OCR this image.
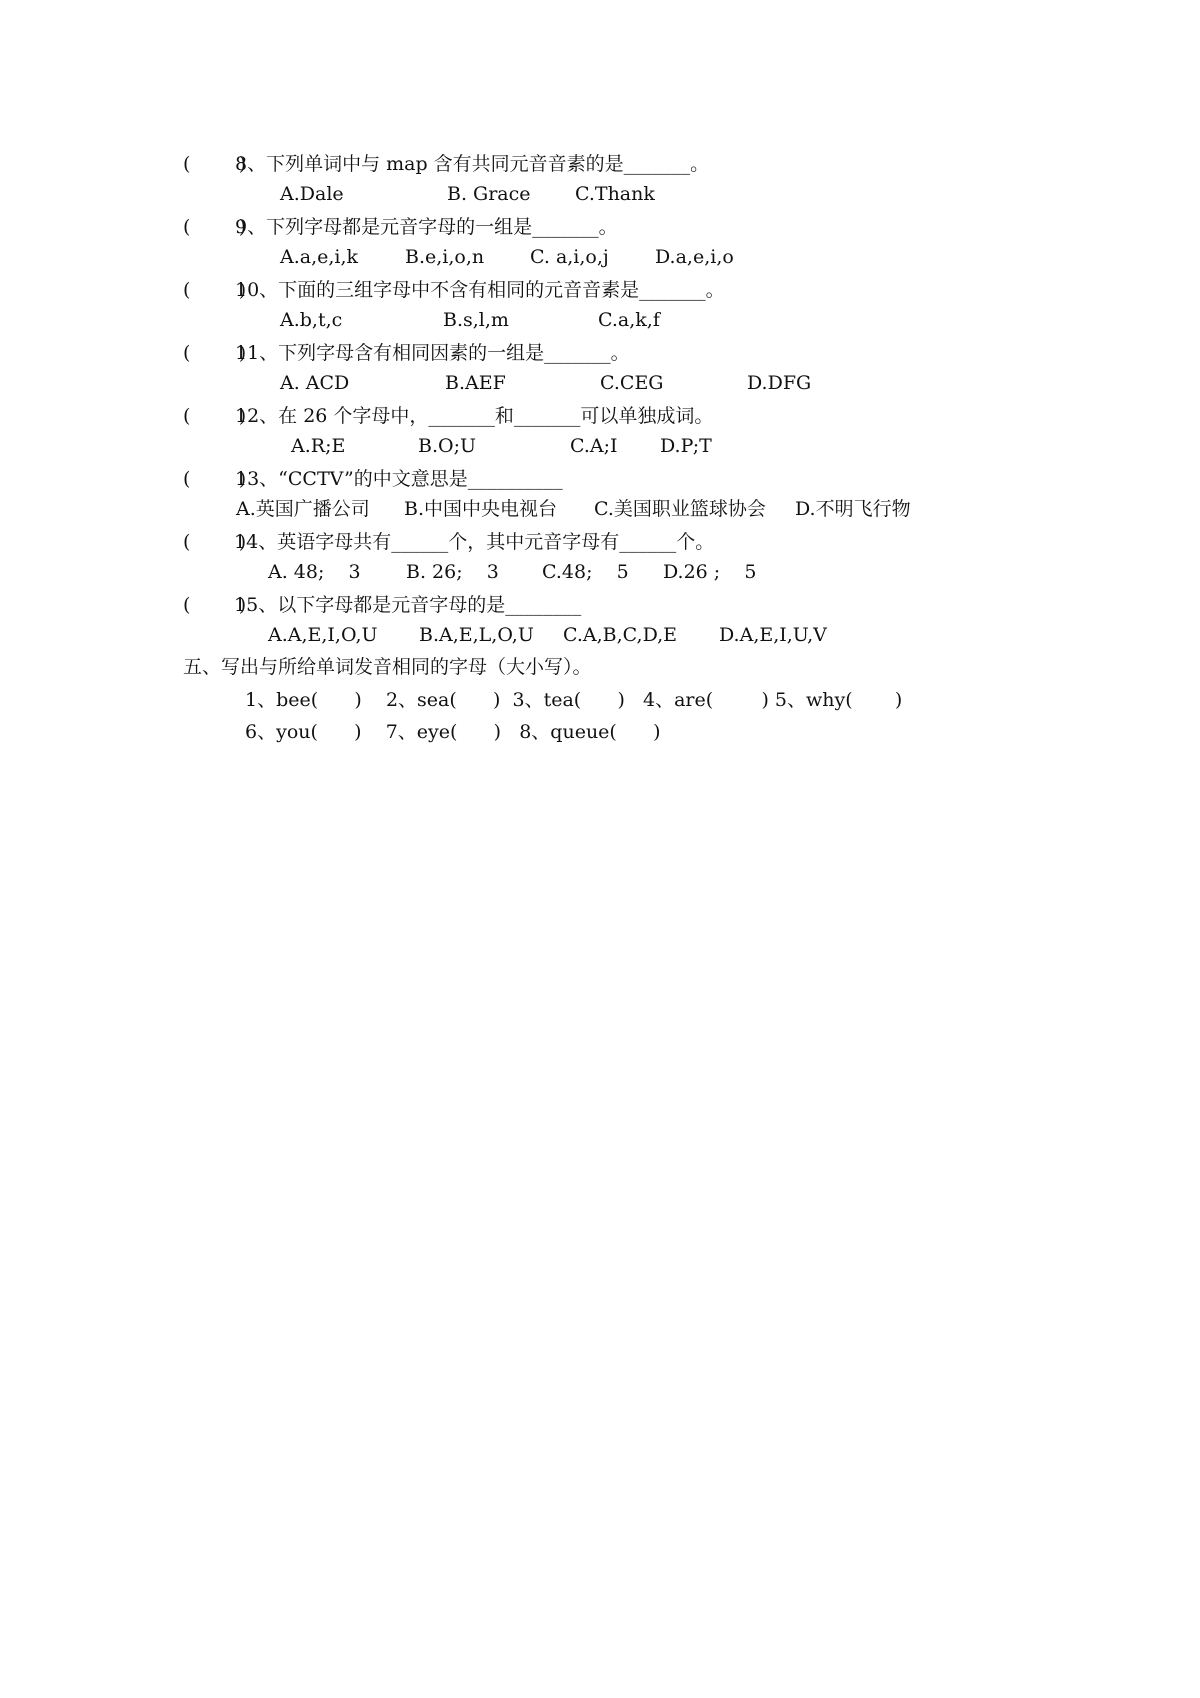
(        )
8、下列单词中与 map 含有共同元音音素的是_______。
A.Dale	B. Grace C.Thank
(        )
9、下列字母都是元音字母的一组是_______。
A.a,e,i,k B.e,i,o,n C. a,i,o,j D.a,e,i,o
(        )
10、下面的三组字母中不含有相同的元音音素是_______。
A.b,t,c	B.s,l,m	C.a,k,f
(        )
11、下列字母含有相同因素的一组是_______。
A. ACD	B.AEF	C.CEG	D.DFG
(        )
12、在 26 个字母中，_______和_______可以单独成词。
A.R;E	B.O;U	C.A;I D.P;T
(        )
13、“CCTV”的中文意思是__________
A.英国广播公司 B.中国中央电视台 C.美国职业篮球协会 D.不明飞行物
(        )
14、英语字母共有______个，其中元音字母有______个。
A. 48;    3 B. 26;    3 C.48;    5 D.26 ;    5
(        )
15、以下字母都是元音字母的是________
A.A,E,I,O,U B.A,E,L,O,U C.A,B,C,D,E D.A,E,I,U,V
五、写出与所给单词发音相同的字母（大小写）。
1、bee(      )    2、sea(      )  3、tea(      )   4、are(        ) 5、why(       )
6、you(      )    7、eye(      )   8、queue(      )
